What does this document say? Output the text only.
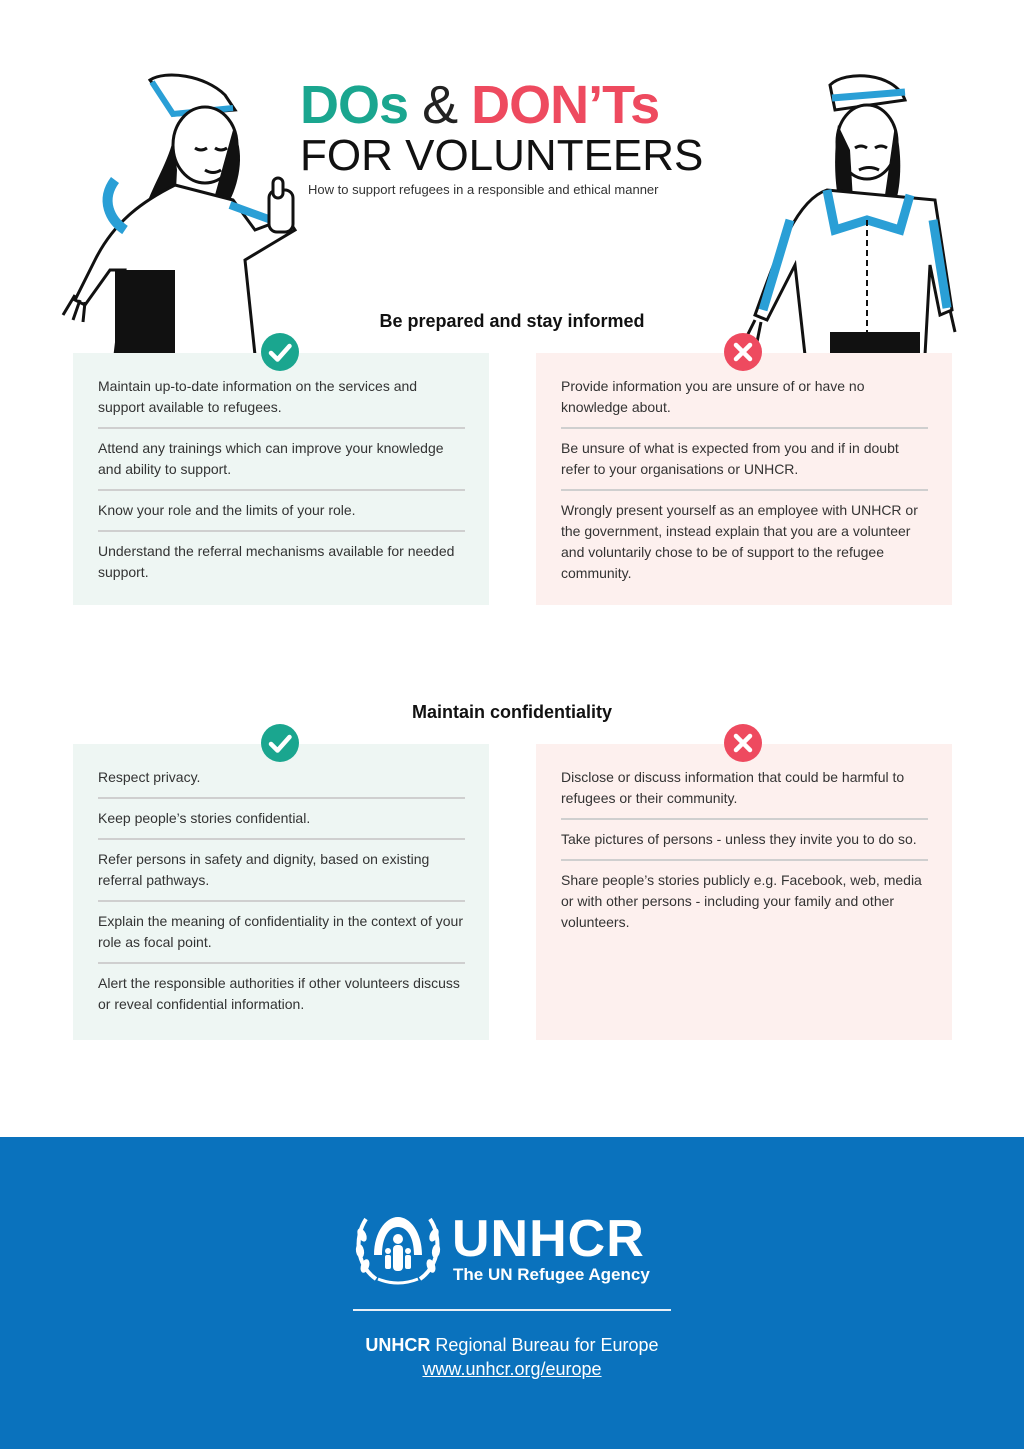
DOs & DON’Ts
FOR VOLUNTEERS
How to support refugees in a responsible and ethical manner
Be prepared and stay informed
Maintain up-to-date information on the services and support available to refugees.
Attend any trainings which can improve your knowledge and ability to support.
Know your role and the limits of your role.
Understand the referral mechanisms available for needed support.
Provide information you are unsure of or have no knowledge about.
Be unsure of what is expected from you and if in doubt refer to your organisations or UNHCR.
Wrongly present yourself as an employee with UNHCR or the government, instead explain that you are a volunteer and voluntarily chose to be of support to the refugee community.
Maintain confidentiality
Respect privacy.
Keep people’s stories confidential.
Refer persons in safety and dignity, based on existing referral pathways.
Explain the meaning of confidentiality in the context of your role as focal point.
Alert the responsible authorities if other volunteers discuss or reveal confidential information.
Disclose or discuss information that could be harmful to refugees or their community.
Take pictures of persons - unless they invite you to do so.
Share people’s stories publicly e.g. Facebook, web, media or with other persons - including your family and other volunteers.
UNHCR
The UN Refugee Agency
UNHCR Regional Bureau for Europe
www.unhcr.org/europe
